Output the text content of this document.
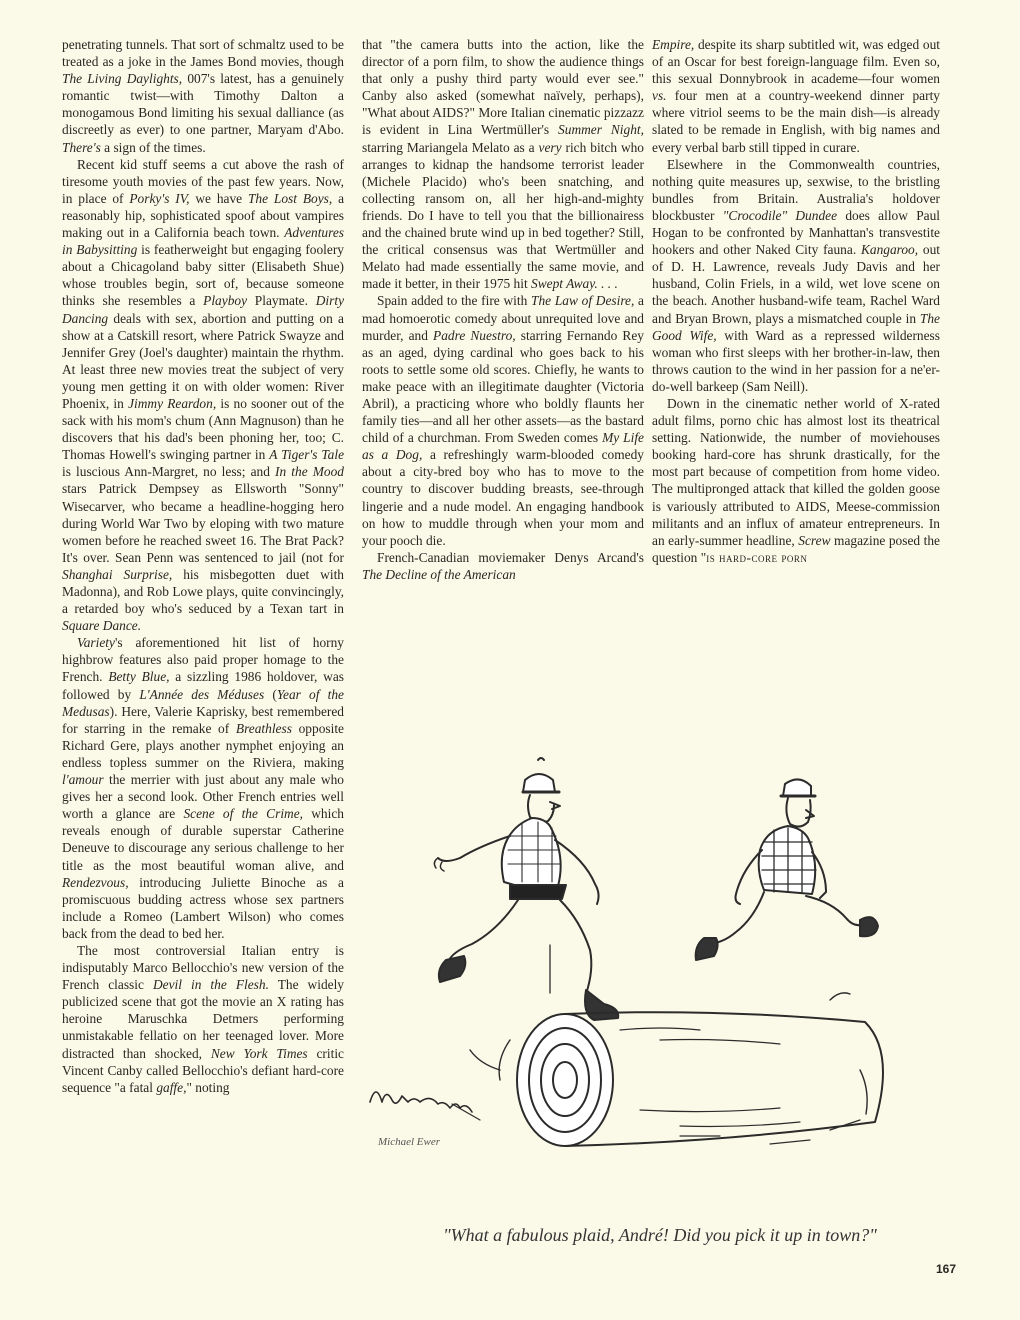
penetrating tunnels. That sort of schmaltz used to be treated as a joke in the James Bond movies, though The Living Daylights, 007's latest, has a genuinely romantic twist—with Timothy Dalton a monogamous Bond limiting his sexual dalliance (as discreetly as ever) to one partner, Maryam d'Abo. There's a sign of the times.

Recent kid stuff seems a cut above the rash of tiresome youth movies of the past few years. Now, in place of Porky's IV, we have The Lost Boys, a reasonably hip, sophisticated spoof about vampires making out in a California beach town. Adventures in Babysitting is featherweight but engaging foolery about a Chicagoland baby sitter (Elisabeth Shue) whose troubles begin, sort of, because someone thinks she resembles a Playboy Playmate. Dirty Dancing deals with sex, abortion and putting on a show at a Catskill resort, where Patrick Swayze and Jennifer Grey (Joel's daughter) maintain the rhythm. At least three new movies treat the subject of very young men getting it on with older women: River Phoenix, in Jimmy Reardon, is no sooner out of the sack with his mom's chum (Ann Magnuson) than he discovers that his dad's been phoning her, too; C. Thomas Howell's swinging partner in A Tiger's Tale is luscious Ann-Margret, no less; and In the Mood stars Patrick Dempsey as Ellsworth "Sonny" Wisecarver, who became a headline-hogging hero during World War Two by eloping with two mature women before he reached sweet 16. The Brat Pack? It's over. Sean Penn was sentenced to jail (not for Shanghai Surprise, his misbegotten duet with Madonna), and Rob Lowe plays, quite convincingly, a retarded boy who's seduced by a Texan tart in Square Dance.

Variety's aforementioned hit list of horny highbrow features also paid proper homage to the French. Betty Blue, a sizzling 1986 holdover, was followed by L'Année des Méduses (Year of the Medusas). Here, Valerie Kaprisky, best remembered for starring in the remake of Breathless opposite Richard Gere, plays another nymphet enjoying an endless topless summer on the Riviera, making l'amour the merrier with just about any male who gives her a second look. Other French entries well worth a glance are Scene of the Crime, which reveals enough of durable superstar Catherine Deneuve to discourage any serious challenge to her title as the most beautiful woman alive, and Rendezvous, introducing Juliette Binoche as a promiscuous budding actress whose sex partners include a Romeo (Lambert Wilson) who comes back from the dead to bed her.

The most controversial Italian entry is indisputably Marco Bellocchio's new version of the French classic Devil in the Flesh. The widely publicized scene that got the movie an X rating has heroine Maruschka Detmers performing unmistakable fellatio on her teenaged lover. More distracted than shocked, New York Times critic Vincent Canby called Bellocchio's defiant hard-core sequence "a fatal gaffe," noting

that "the camera butts into the action, like the director of a porn film, to show the audience things that only a pushy third party would ever see." Canby also asked (somewhat naïvely, perhaps), "What about AIDS?" More Italian cinematic pizzazz is evident in Lina Wertmüller's Summer Night, starring Mariangela Melato as a very rich bitch who arranges to kidnap the handsome terrorist leader (Michele Placido) who's been snatching, and collecting ransom on, all her high-and-mighty friends. Do I have to tell you that the billionairess and the chained brute wind up in bed together? Still, the critical consensus was that Wertmüller and Melato had made essentially the same movie, and made it better, in their 1975 hit Swept Away. . . .

Spain added to the fire with The Law of Desire, a mad homoerotic comedy about unrequited love and murder, and Padre Nuestro, starring Fernando Rey as an aged, dying cardinal who goes back to his roots to settle some old scores. Chiefly, he wants to make peace with an illegitimate daughter (Victoria Abril), a practicing whore who boldly flaunts her family ties—and all her other assets—as the bastard child of a churchman. From Sweden comes My Life as a Dog, a refreshingly warm-blooded comedy about a city-bred boy who has to move to the country to discover budding breasts, see-through lingerie and a nude model. An engaging handbook on how to muddle through when your mom and your pooch die.

French-Canadian moviemaker Denys Arcand's The Decline of the American

Empire, despite its sharp subtitled wit, was edged out of an Oscar for best foreign-language film. Even so, this sexual Donnybrook in academe—four women vs. four men at a country-weekend dinner party where vitriol seems to be the main dish—is already slated to be remade in English, with big names and every verbal barb still tipped in curare.

Elsewhere in the Commonwealth countries, nothing quite measures up, sexwise, to the bristling bundles from Britain. Australia's holdover blockbuster "Crocodile" Dundee does allow Paul Hogan to be confronted by Manhattan's transvestite hookers and other Naked City fauna. Kangaroo, out of D. H. Lawrence, reveals Judy Davis and her husband, Colin Friels, in a wild, wet love scene on the beach. Another husband-wife team, Rachel Ward and Bryan Brown, plays a mismatched couple in The Good Wife, with Ward as a repressed wilderness woman who first sleeps with her brother-in-law, then throws caution to the wind in her passion for a ne'er-do-well barkeep (Sam Neill).

Down in the cinematic nether world of X-rated adult films, porno chic has almost lost its theatrical setting. Nationwide, the number of moviehouses booking hard-core has shrunk drastically, for the most part because of competition from home video. The multipronged attack that killed the golden goose is variously attributed to AIDS, Meese-commission militants and an influx of amateur entrepreneurs. In an early-summer headline, Screw magazine posed the question "is hard-core porn

Michael Ewer
"What a fabulous plaid, André! Did you pick it up in town?"
167
